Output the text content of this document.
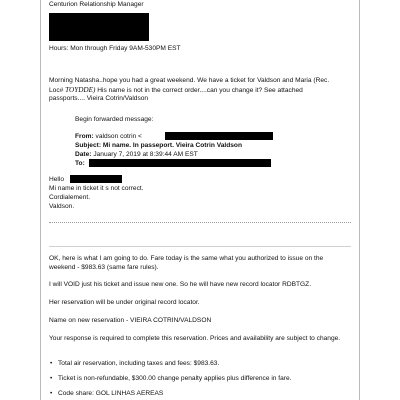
Centurion Relationship Manager
Hours: Mon through Friday 9AM-530PM EST
Morning Natasha..hope you had a great weekend. We have a ticket for Valdson and Maria (Rec.
Loc# TOYDDE) His name is not in the correct order....can you change it? See attached
passports.... Vieira Cotrin/Valdson
Begin forwarded message:
From: valdson cotrin <
Subject: Mi name. In passeport. Vieira Cotrin Valdson
Date: January 7, 2019 at 8:39:44 AM EST
To:
Hello
Mi name in ticket it s not correct.
Cordialement.
Valdson.
OK, here is what I am going to do. Fare today is the same what you authorized to issue on the weekend - $983.63 (same fare rules).
I will VOID just his ticket and issue new one. So he will have new record locator RDBTGZ.
Her reservation will be under original record locator.
Name on new reservation - VIEIRA COTRIN/VALDSON
Your response is required to complete this reservation. Prices and availability are subject to change.
• Total air reservation, including taxes and fees: $983.63.
• Ticket is non-refundable, $300.00 change penalty applies plus difference in fare.
• Code share: GOL LINHAS AEREAS
